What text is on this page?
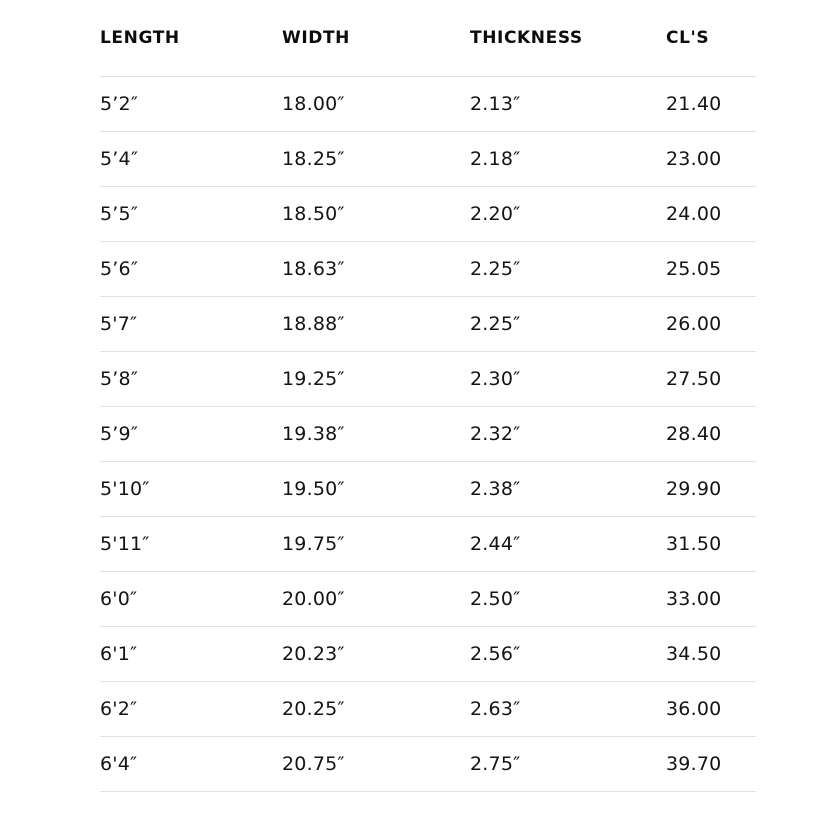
LENGTH	WIDTH	THICKNESS	CL'S
5’2″	18.00″	2.13″	21.40
5’4″	18.25″	2.18″	23.00
5’5″	18.50″	2.20″	24.00
5’6″	18.63″	2.25″	25.05
5'7″	18.88″	2.25″	26.00
5’8″	19.25″	2.30″	27.50
5’9″	19.38″	2.32″	28.40
5'10″	19.50″	2.38″	29.90
5'11″	19.75″	2.44″	31.50
6'0″	20.00″	2.50″	33.00
6'1″	20.23″	2.56″	34.50
6'2″	20.25″	2.63″	36.00
6'4″	20.75″	2.75″	39.70
